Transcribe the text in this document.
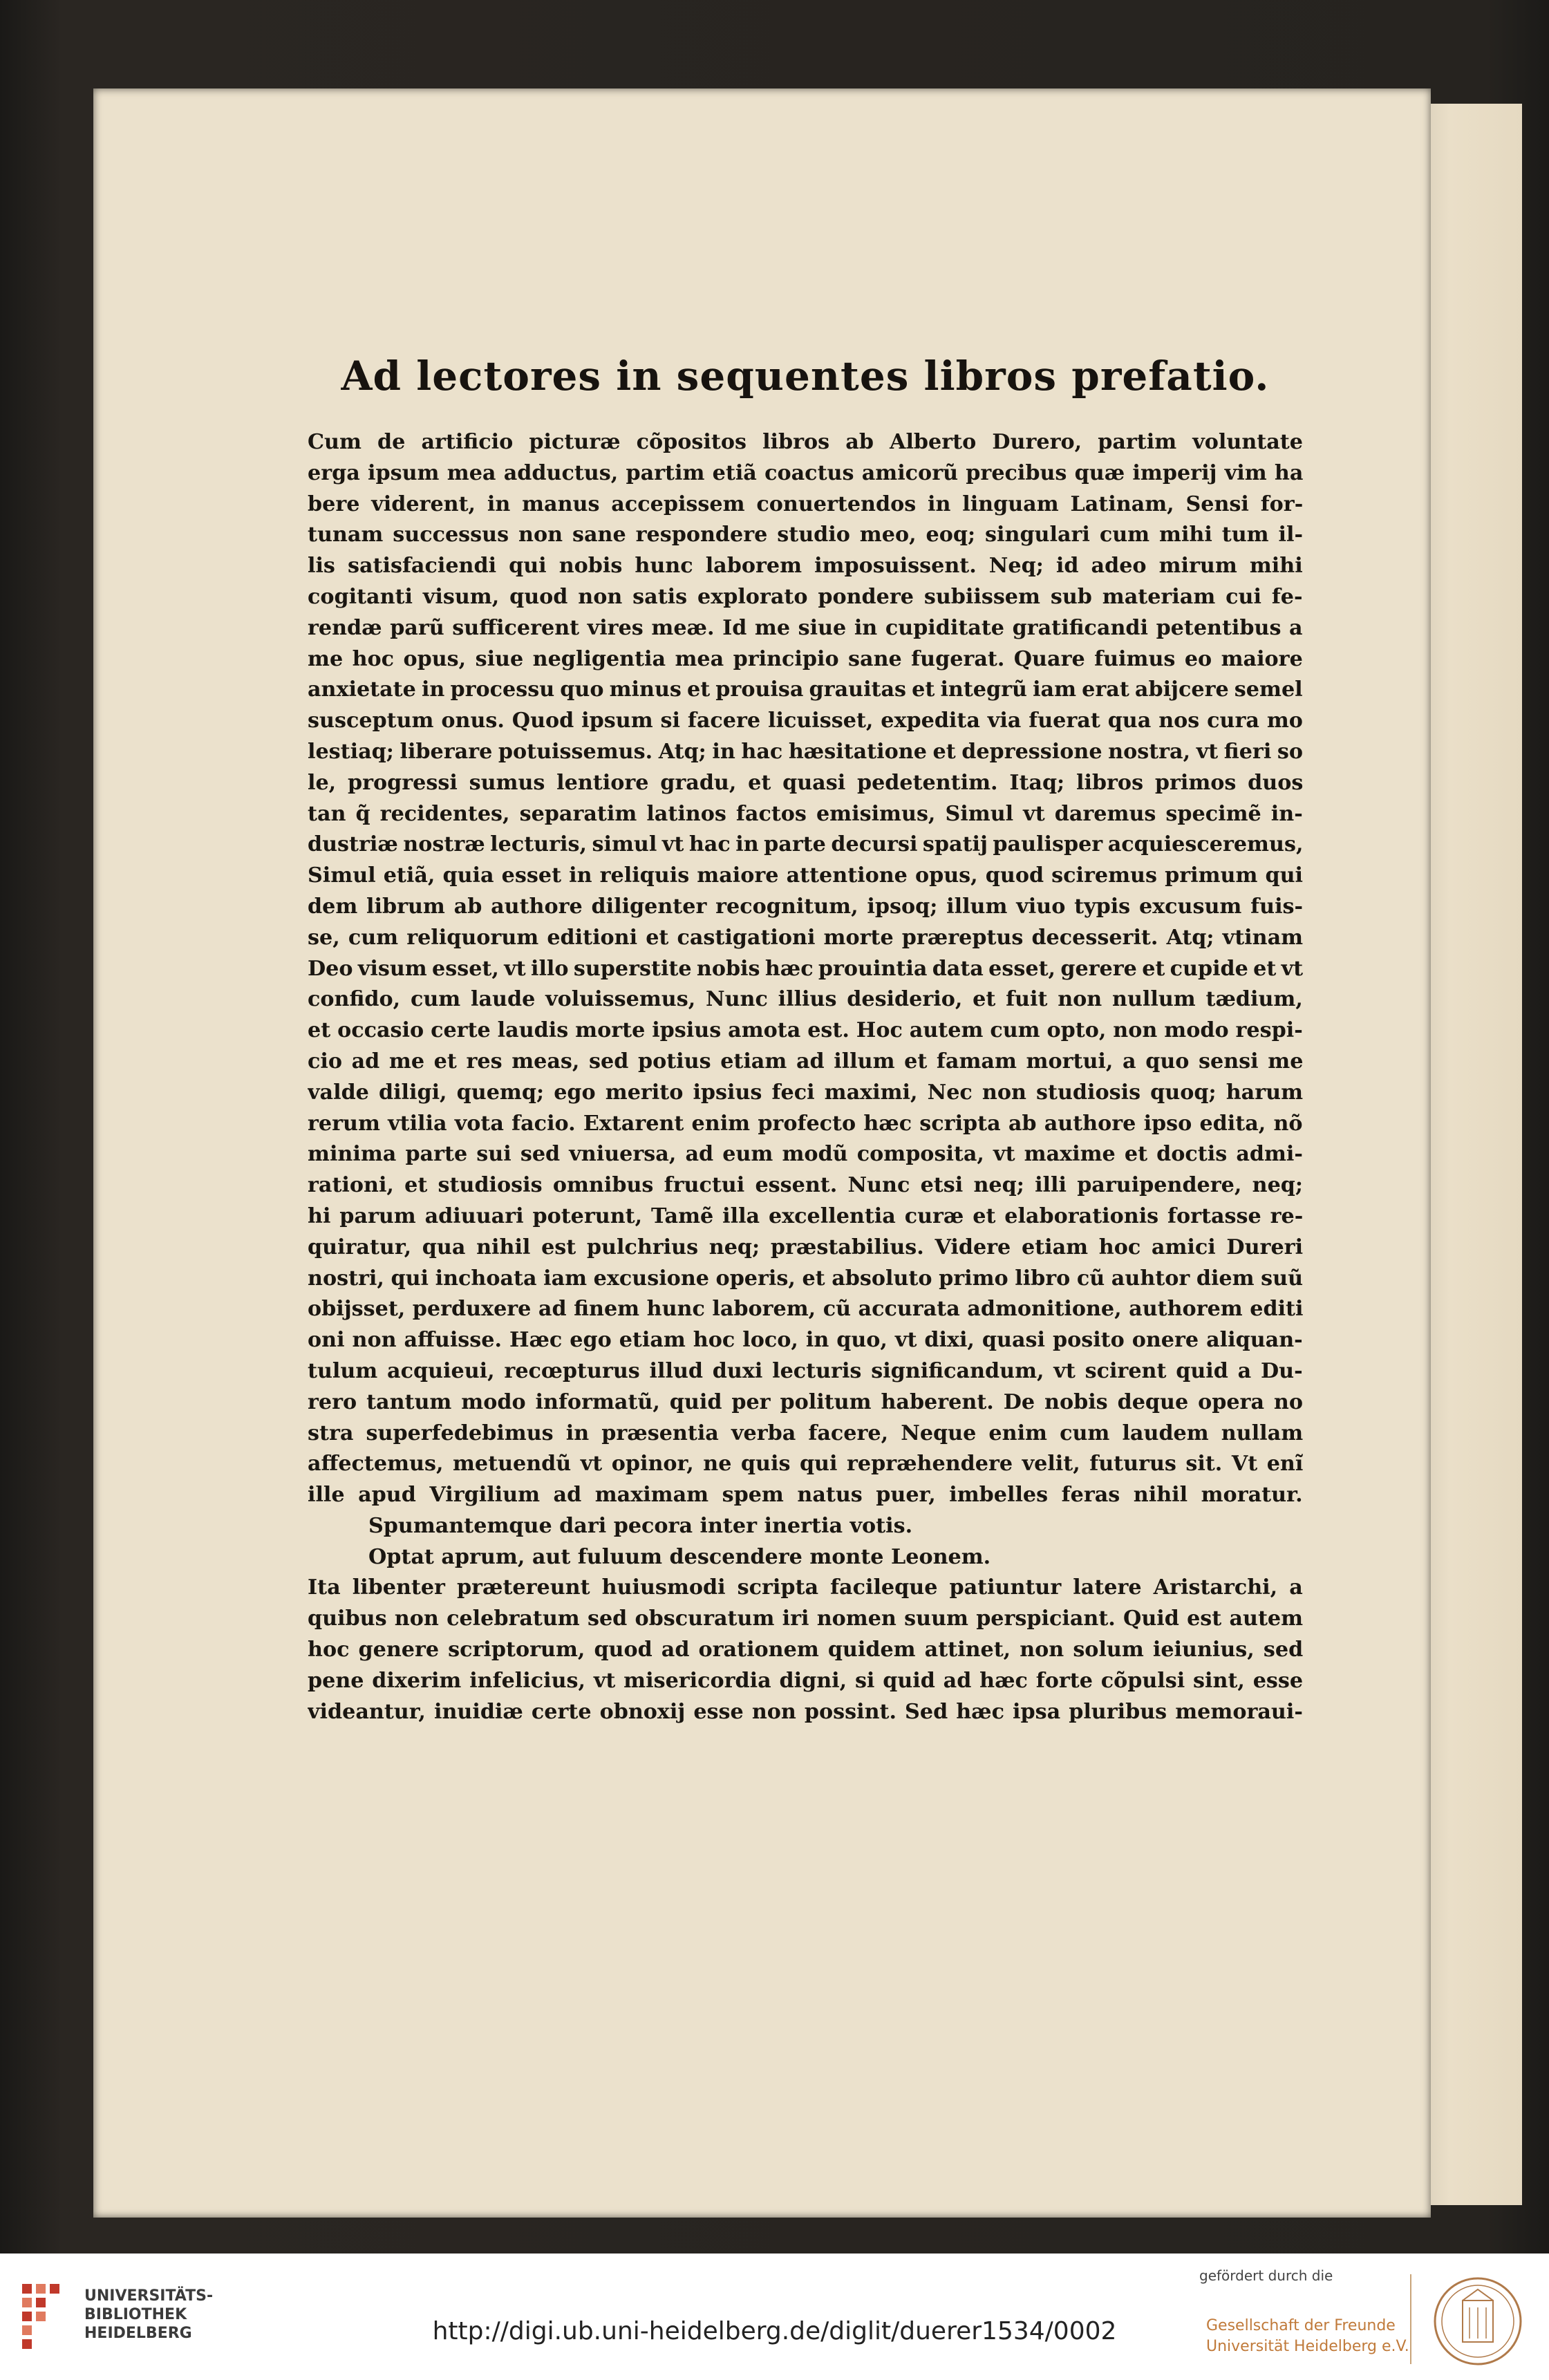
Ad lectores in sequentes libros prefatio.
Cum de artificio picturæ cõpositos libros ab Alberto Durero, partim voluntate
erga ipsum mea adductus, partim etiã coactus amicorũ precibus quæ imperij vim ha
bere viderent, in manus accepissem conuertendos in linguam Latinam, Sensi for-
tunam successus non sane respondere studio meo, eoq; singulari cum mihi tum il-
lis satisfaciendi qui nobis hunc laborem imposuissent. Neq; id adeo mirum mihi
cogitanti visum, quod non satis explorato pondere subiissem sub materiam cui fe-
rendæ parũ sufficerent vires meæ. Id me siue in cupiditate gratificandi petentibus a
me hoc opus, siue negligentia mea principio sane fugerat. Quare fuimus eo maiore
anxietate in processu quo minus et prouisa grauitas et integrũ iam erat abijcere semel
susceptum onus. Quod ipsum si facere licuisset, expedita via fuerat qua nos cura mo
lestiaq; liberare potuissemus. Atq; in hac hæsitatione et depressione nostra, vt fieri so
le, progressi sumus lentiore gradu, et quasi pedetentim. Itaq; libros primos duos
tan q̃ recidentes, separatim latinos factos emisimus, Simul vt daremus specimẽ in-
dustriæ nostræ lecturis, simul vt hac in parte decursi spatij paulisper acquiesceremus,
Simul etiã, quia esset in reliquis maiore attentione opus, quod sciremus primum qui
dem librum ab authore diligenter recognitum, ipsoq; illum viuo typis excusum fuis-
se, cum reliquorum editioni et castigationi morte præreptus decesserit. Atq; vtinam
Deo visum esset, vt illo superstite nobis hæc prouintia data esset, gerere et cupide et vt
confido, cum laude voluissemus, Nunc illius desiderio, et fuit non nullum tædium,
et occasio certe laudis morte ipsius amota est. Hoc autem cum opto, non modo respi-
cio ad me et res meas, sed potius etiam ad illum et famam mortui, a quo sensi me
valde diligi, quemq; ego merito ipsius feci maximi, Nec non studiosis quoq; harum
rerum vtilia vota facio. Extarent enim profecto hæc scripta ab authore ipso edita, nõ
minima parte sui sed vniuersa, ad eum modũ composita, vt maxime et doctis admi-
rationi, et studiosis omnibus fructui essent. Nunc etsi neq; illi paruipendere, neq;
hi parum adiuuari poterunt, Tamẽ illa excellentia curæ et elaborationis fortasse re-
quiratur, qua nihil est pulchrius neq; præstabilius. Videre etiam hoc amici Dureri
nostri, qui inchoata iam excusione operis, et absoluto primo libro cũ auhtor diem suũ
obijsset, perduxere ad finem hunc laborem, cũ accurata admonitione, authorem editi
oni non affuisse. Hæc ego etiam hoc loco, in quo, vt dixi, quasi posito onere aliquan-
tulum acquieui, recœpturus illud duxi lecturis significandum, vt scirent quid a Du-
rero tantum modo informatũ, quid per politum haberent. De nobis deque opera no
stra superfedebimus in præsentia verba facere, Neque enim cum laudem nullam
affectemus, metuendũ vt opinor, ne quis qui repræhendere velit, futurus sit. Vt enĩ
ille apud Virgilium ad maximam spem natus puer, imbelles feras nihil moratur.
Spumantemque dari pecora inter inertia votis.
Optat aprum, aut fuluum descendere monte Leonem.
Ita libenter prætereunt huiusmodi scripta facileque patiuntur latere Aristarchi, a
quibus non celebratum sed obscuratum iri nomen suum perspiciant. Quid est autem
hoc genere scriptorum, quod ad orationem quidem attinet, non solum ieiunius, sed
pene dixerim infelicius, vt misericordia digni, si quid ad hæc forte cõpulsi sint, esse
videantur, inuidiæ certe obnoxij esse non possint. Sed hæc ipsa pluribus memoraui-
UNIVERSITÄTS-
BIBLIOTHEK
HEIDELBERG	http://digi.ub.uni-heidelberg.de/diglit/duerer1534/0002
gefördert durch die
Gesellschaft der Freunde
Universität Heidelberg e.V.
